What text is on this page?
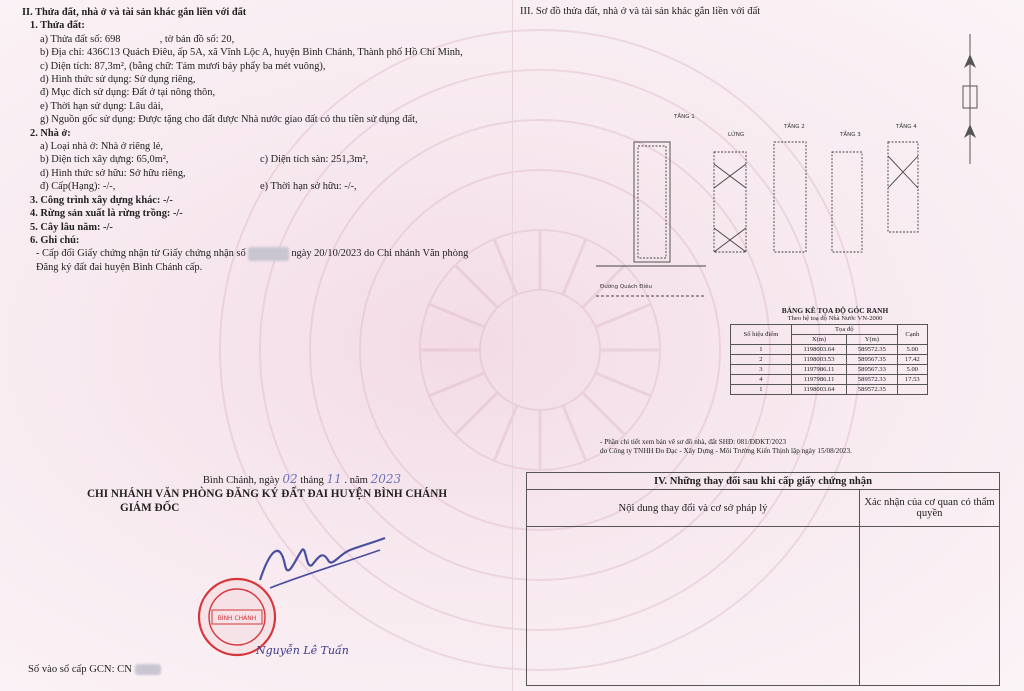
II. Thửa đất, nhà ở và tài sản khác gắn liền với đất
1. Thửa đất:
a) Thửa đất số: 698	, tờ bản đồ số: 20,
b) Địa chỉ: 436C13 Quách Điêu, ấp 5A, xã Vĩnh Lộc A, huyện Bình Chánh, Thành phố Hồ Chí Minh,
c) Diện tích: 87,3m², (bằng chữ: Tám mươi bảy phẩy ba mét vuông),
d) Hình thức sử dụng: Sử dụng riêng,
đ) Mục đích sử dụng: Đất ở tại nông thôn,
e) Thời hạn sử dụng: Lâu dài,
g) Nguồn gốc sử dụng: Được tặng cho đất được Nhà nước giao đất có thu tiền sử dụng đất,
2. Nhà ở:
a) Loại nhà ở: Nhà ở riêng lẻ,
b) Diện tích xây dựng: 65,0m²,	c) Diện tích sàn: 251,3m²,
d) Hình thức sở hữu: Sở hữu riêng,
đ) Cấp(Hạng): -/-,	e) Thời hạn sở hữu: -/-,
3. Công trình xây dựng khác: -/-
4. Rừng sản xuất là rừng trồng: -/-
5. Cây lâu năm: -/-
6. Ghi chú:
- Cấp đổi Giấy chứng nhận từ Giấy chứng nhận số	ngày 20/10/2023 do Chi nhánh Văn phòng Đăng ký đất đai huyện Bình Chánh cấp.
Bình Chánh, ngày 02 tháng 11 . năm 2023
CHI NHÁNH VĂN PHÒNG ĐĂNG KÝ ĐẤT ĐAI HUYỆN BÌNH CHÁNH
GIÁM ĐỐC
BÌNH CHÁNH
Nguyễn Lê Tuấn
Số vào sổ cấp GCN: CN
III. Sơ đồ thửa đất, nhà ở và tài sản khác gắn liền với đất
TẦNG 1
LỬNG
TẦNG 2
TẦNG 3
TẦNG 4
Đường Quách Điêu
BẢNG KÊ TỌA ĐỘ GÓC RANH
Theo hệ toạ độ Nhà Nước VN-2000
Số hiệu điểm	Tọa độ		Cạnh
	X(m)	Y(m)	
1	1198003.64	589572.35	5.00
2	1198003.53	589567.35	17.42
3	1197986.11	589567.33	5.00
4	1197986.11	589572.33	17.53
1	1198003.64	589572.35	
- Phần chi tiết xem bản vẽ sơ đồ nhà, đất SHĐ: 081/ĐĐKT/2023
do Công ty TNHH Đo Đạc - Xây Dựng - Môi Trường Kiến Thịnh lập ngày 15/08/2023.
IV. Những thay đổi sau khi cấp giấy chứng nhận	
Nội dung thay đổi và cơ sở pháp lý	Xác nhận của cơ quan có thẩm quyền
